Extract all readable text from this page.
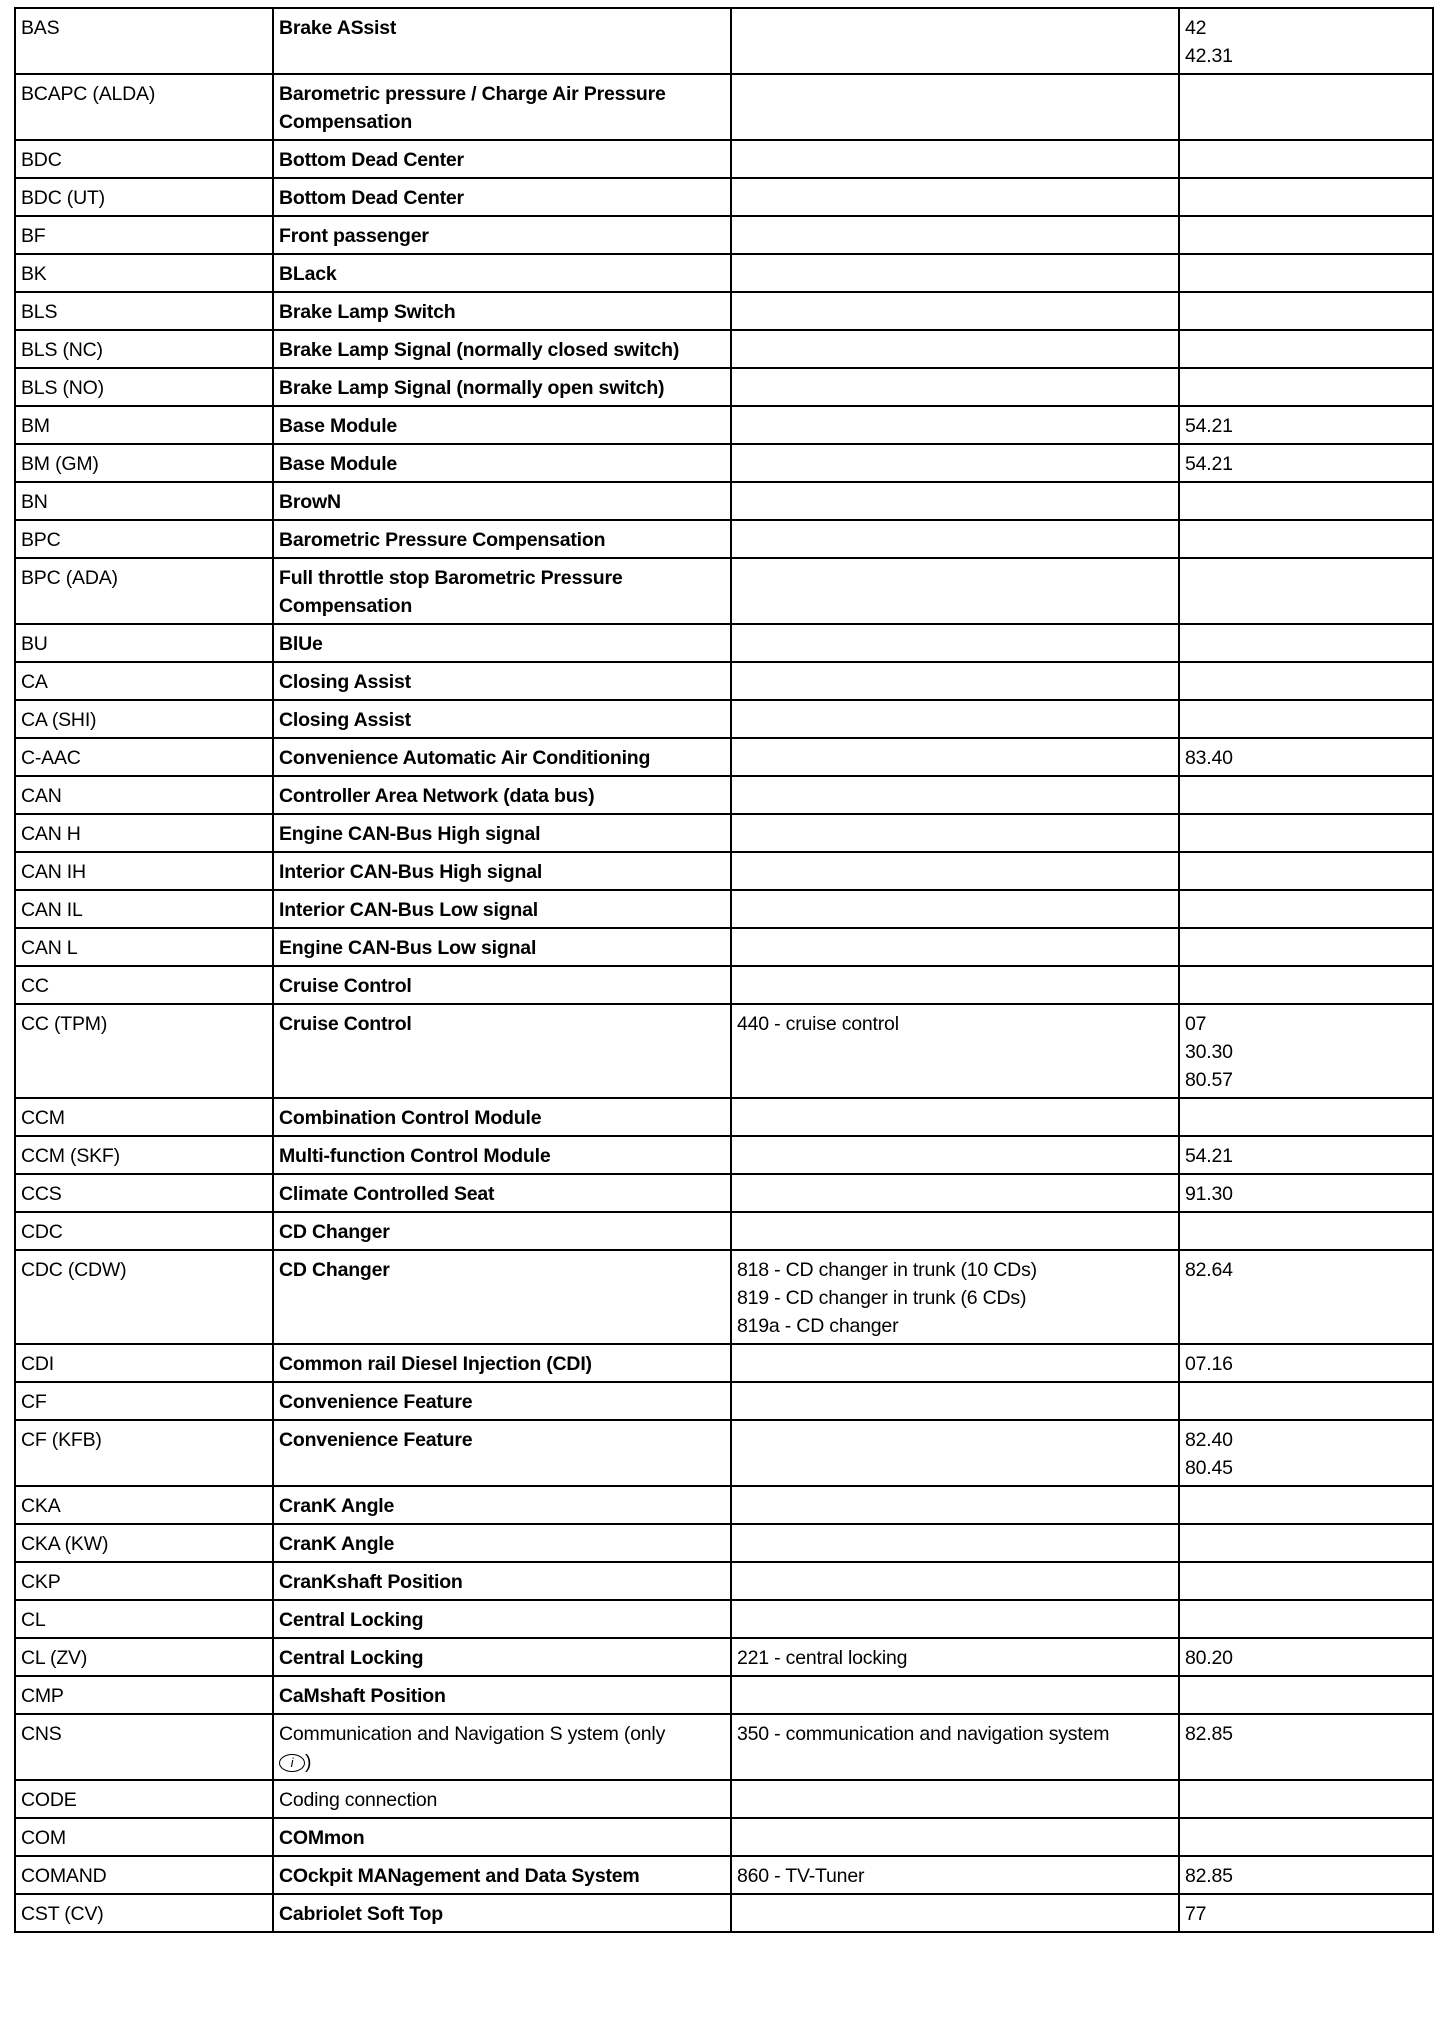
BAS	Brake ASsist		42
42.31

BCAPC (ALDA)	Barometric pressure / Charge Air Pressure Compensation		
BDC	Bottom Dead Center		
BDC (UT)	Bottom Dead Center		
BF	Front passenger		
BK	BLack		
BLS	Brake Lamp Switch		
BLS (NC)	Brake Lamp Signal (normally closed switch)		
BLS (NO)	Brake Lamp Signal (normally open switch)		
BM	Base Module		54.21

BM (GM)	Base Module		54.21

BN	BrowN		
BPC	Barometric Pressure Compensation		
BPC (ADA)	Full throttle stop Barometric Pressure Compensation		
BU	BlUe		
CA	Closing Assist		
CA (SHI)	Closing Assist		
C-AAC	Convenience Automatic Air Conditioning		83.40

CAN	Controller Area Network (data bus)		
CAN H	Engine CAN-Bus High signal		
CAN IH	Interior CAN-Bus High signal		
CAN IL	Interior CAN-Bus Low signal		
CAN L	Engine CAN-Bus Low signal		
CC	Cruise Control		
CC (TPM)	Cruise Control	440 - cruise control	07
30.30
80.57

CCM	Combination Control Module		
CCM (SKF)	Multi-function Control Module		54.21

CCS	Climate Controlled Seat		91.30

CDC	CD Changer		
CDC (CDW)	CD Changer	818 - CD changer in trunk (10 CDs)
819 - CD changer in trunk (6 CDs)
819a - CD changer	82.64

CDI	Common rail Diesel Injection (CDI)		07.16

CF	Convenience Feature		
CF (KFB)	Convenience Feature		82.40
80.45

CKA	CranK Angle		
CKA (KW)	CranK Angle		
CKP	CranKshaft Position		
CL	Central Locking		
CL (ZV)	Central Locking	221 - central locking	80.20

CMP	CaMshaft Position		
CNS	Communication and Navigation S ystem (only
i )	350 - communication and navigation system	82.85

CODE	Coding connection		
COM	COMmon		
COMAND	COckpit MANagement and Data System	860 - TV-Tuner	82.85

CST (CV)	Cabriolet Soft Top		77
